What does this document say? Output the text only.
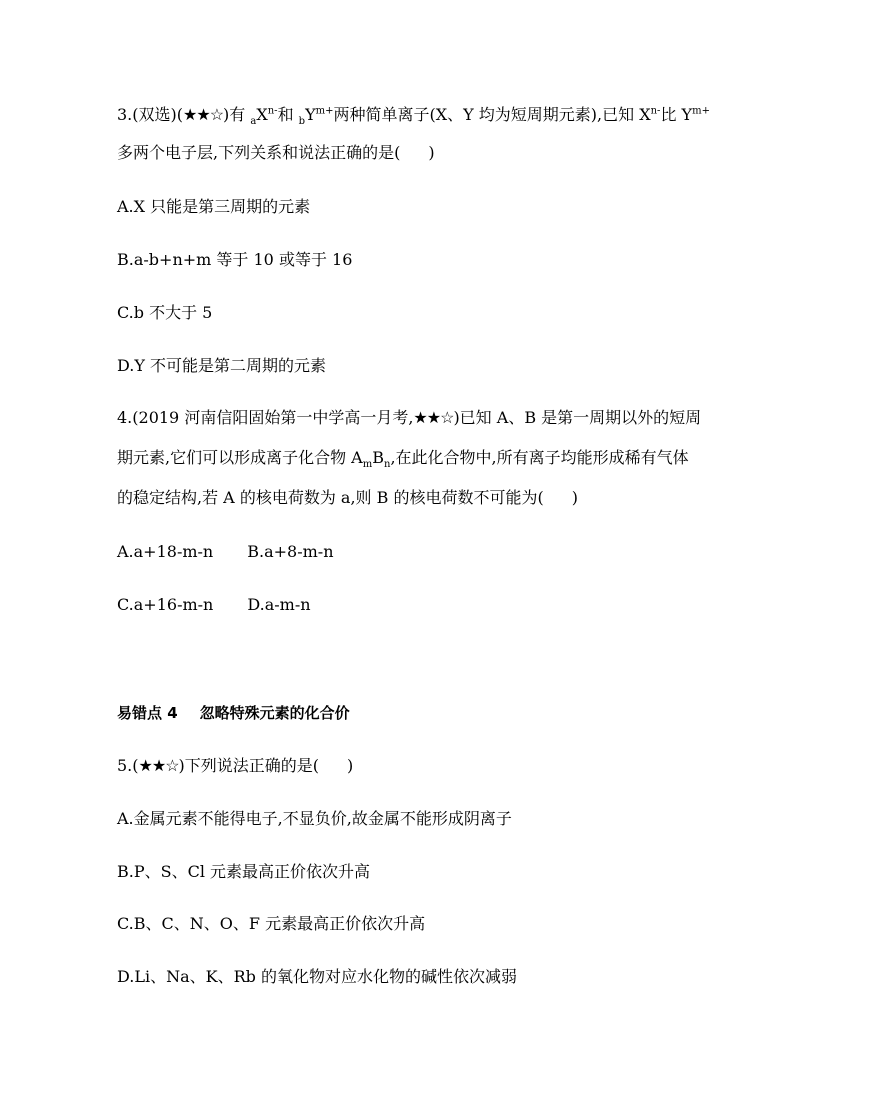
3.(双选)(★★☆)有 $_aX^{n-}$和 $_bY^{m+}$两种简单离子(X、Y 均为短周期元素),已知 $X^{n-}$比 $Y^{m+}$
多两个电子层,下列关系和说法正确的是( )
A.X 只能是第三周期的元素
B.a-b+n+m 等于 10 或等于 16
C.b 不大于 5
D.Y 不可能是第二周期的元素
4.(2019 河南信阳固始第一中学高一月考,★★☆)已知 A、B 是第一周期以外的短周
期元素,它们可以形成离子化合物 $A_mB_n$,在此化合物中,所有离子均能形成稀有气体
的稳定结构,若 A 的核电荷数为 a,则 B 的核电荷数不可能为( )
A.a+18-m-n B.a+8-m-n
C.a+16-m-n D.a-m-n
易错点 4 忽略特殊元素的化合价
5.(★★☆)下列说法正确的是( )
A.金属元素不能得电子,不显负价,故金属不能形成阴离子
B.P、S、Cl 元素最高正价依次升高
C.B、C、N、O、F 元素最高正价依次升高
D.Li、Na、K、Rb 的氧化物对应水化物的碱性依次减弱
